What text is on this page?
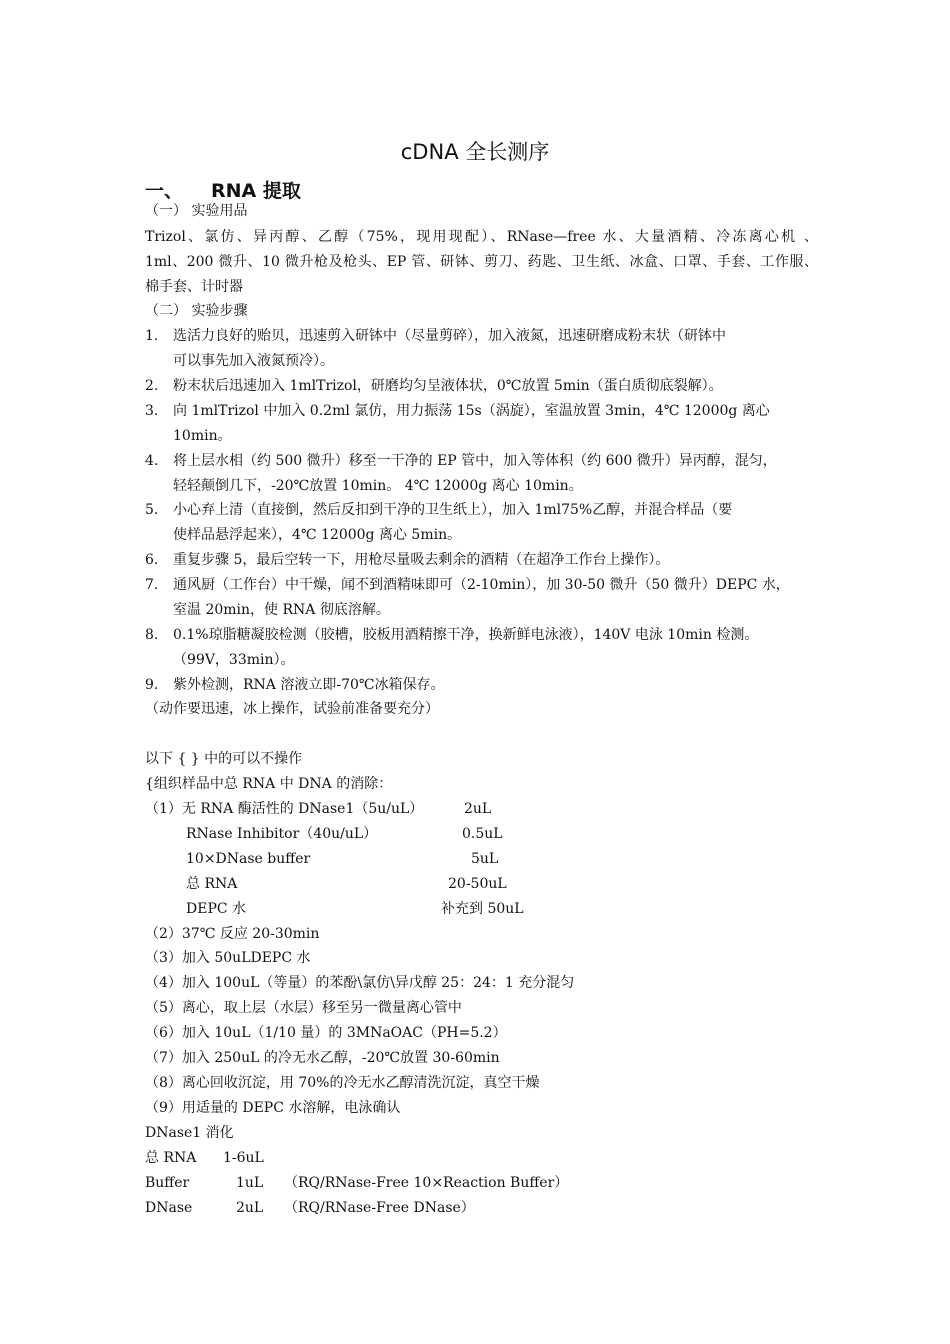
cDNA 全长测序
一、 RNA 提取
（一） 实验用品
Trizol、氯仿、异丙醇、乙醇（75%，现用现配）、RNase—free 水、大量酒精、冷冻离心机 、
1ml、200 微升、10 微升枪及枪头、EP 管、研钵、剪刀、药匙、卫生纸、冰盒、口罩、手套、工作服、
棉手套、计时器
（二） 实验步骤
1. 选活力良好的贻贝，迅速剪入研钵中（尽量剪碎），加入液氮，迅速研磨成粉末状（研钵中
可以事先加入液氮预冷）。
2. 粉末状后迅速加入 1mlTrizol，研磨均匀呈液体状，0℃放置 5min（蛋白质彻底裂解）。
3. 向 1mlTrizol 中加入 0.2ml 氯仿，用力振荡 15s（涡旋），室温放置 3min，4℃ 12000g 离心
10min。
4. 将上层水相（约 500 微升）移至一干净的 EP 管中，加入等体积（约 600 微升）异丙醇，混匀，
轻轻颠倒几下，-20℃放置 10min。 4℃ 12000g 离心 10min。
5. 小心弃上清（直接倒，然后反扣到干净的卫生纸上），加入 1ml75%乙醇，并混合样品（要
使样品悬浮起来），4℃ 12000g 离心 5min。
6. 重复步骤 5，最后空转一下，用枪尽量吸去剩余的酒精（在超净工作台上操作）。
7. 通风厨（工作台）中干燥，闻不到酒精味即可（2-10min），加 30-50 微升（50 微升）DEPC 水，
室温 20min，使 RNA 彻底溶解。
8. 0.1%琼脂糖凝胶检测（胶槽，胶板用酒精擦干净，换新鲜电泳液），140V 电泳 10min 检测。
（99V，33min）。
9. 紫外检测，RNA 溶液立即-70℃冰箱保存。
（动作要迅速，冰上操作，试验前准备要充分）
以下 { } 中的可以不操作
{组织样品中总 RNA 中 DNA 的消除：
（1）无 RNA 酶活性的 DNase1（5u/uL）	2uL
RNase Inhibitor（40u/uL）	0.5uL
10×DNase buffer	5uL
总 RNA	20-50uL
DEPC 水	补充到 50uL
（2）37℃ 反应 20-30min
（3）加入 50uLDEPC 水
（4）加入 100uL（等量）的苯酚\氯仿\异戊醇 25：24：1 充分混匀
（5）离心，取上层（水层）移至另一微量离心管中
（6）加入 10uL（1/10 量）的 3MNaOAC（PH=5.2）
（7）加入 250uL 的冷无水乙醇，-20℃放置 30-60min
（8）离心回收沉淀，用 70%的冷无水乙醇清洗沉淀，真空干燥
（9）用适量的 DEPC 水溶解，电泳确认
DNase1 消化
总 RNA 1-6uL
Buffer	1uL （RQ/RNase-Free 10×Reaction Buffer）
DNase	2uL （RQ/RNase-Free DNase）
